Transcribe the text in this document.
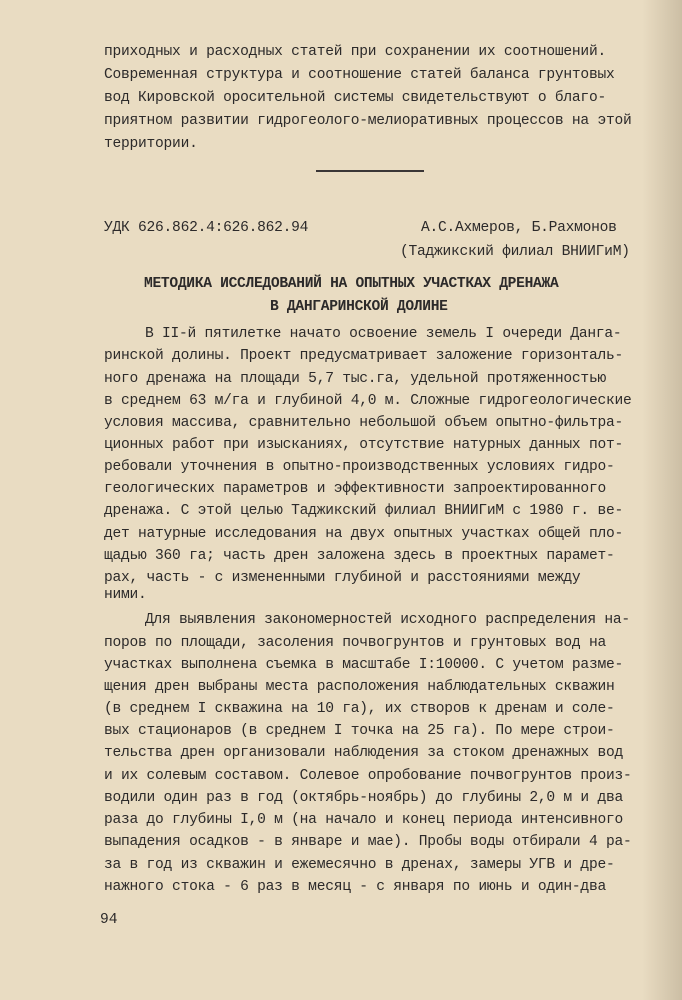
приходных и расходных статей при сохранении их соотношений.
Современная структура и соотношение статей баланса грунтовых
вод Кировской оросительной системы свидетельствуют о благо-
приятном развитии гидрогеолого-мелиоративных процессов на этой
территории.
УДК 626.862.4:626.862.94	А.С.Ахмеров, Б.Рахмонов
(Таджикский филиал ВНИИГиМ)
МЕТОДИКА ИССЛЕДОВАНИЙ НА ОПЫТНЫХ УЧАСТКАХ ДРЕНАЖА
В ДАНГАРИНСКОЙ ДОЛИНЕ
В II-й пятилетке начато освоение земель I очереди Данга-
ринской долины. Проект предусматривает заложение горизонталь-
ного дренажа на площади 5,7 тыс.га, удельной протяженностью
в среднем 63 м/га и глубиной 4,0 м. Сложные гидрогеологические
условия массива, сравнительно небольшой объем опытно-фильтра-
ционных работ при изысканиях, отсутствие натурных данных пот-
ребовали уточнения в опытно-производственных условиях гидро-
геологических параметров и эффективности запроектированного
дренажа. С этой целью Таджикский филиал ВНИИГиМ с 1980 г. ве-
дет натурные исследования на двух опытных участках общей пло-
щадью 360 га; часть дрен заложена здесь в проектных парамет-
рах, часть - с измененными глубиной и расстояниями между
ними.
Для выявления закономерностей исходного распределения на-
поров по площади, засоления почвогрунтов и грунтовых вод на
участках выполнена съемка в масштабе I:10000. С учетом разме-
щения дрен выбраны места расположения наблюдательных скважин
(в среднем I скважина на 10 га), их створов к дренам и соле-
вых стационаров (в среднем I точка на 25 га). По мере строи-
тельства дрен организовали наблюдения за стоком дренажных вод
и их солевым составом. Солевое опробование почвогрунтов произ-
водили один раз в год (октябрь-ноябрь) до глубины 2,0 м и два
раза до глубины I,0 м (на начало и конец периода интенсивного
выпадения осадков - в январе и мае). Пробы воды отбирали 4 ра-
за в год из скважин и ежемесячно в дренах, замеры УГВ и дре-
нажного стока - 6 раз в месяц - с января по июнь и один-два
94
